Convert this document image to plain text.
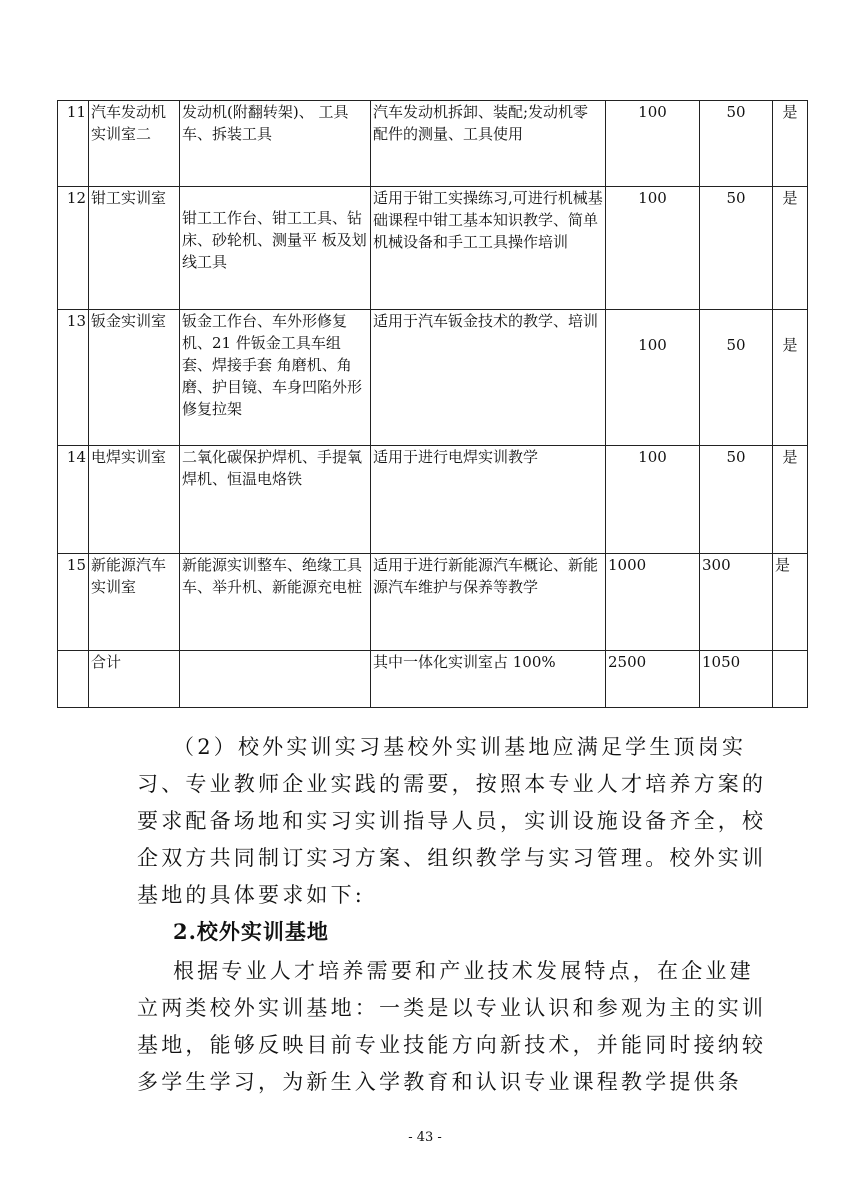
11	汽车发动机实训室二	发动机(附翻转架)、 工具车、拆装工具	汽车发动机拆卸、装配;发动机零配件的测量、工具使用	100	50	是
12	钳工实训室	钳工工作台、钳工工具、钻床、砂轮机、测量平 板及划线工具	适用于钳工实操练习,可进行机械基础课程中钳工基本知识教学、简单机械设备和手工工具操作培训	100	50	是
13	钣金实训室	钣金工作台、车外形修复机、21 件钣金工具车组套、焊接手套 角磨机、角磨、护目镜、车身凹陷外形修复拉架	适用于汽车钣金技术的教学、培训	100	50	是

14	电焊实训室	二氧化碳保护焊机、手提氧焊机、恒温电烙铁	适用于进行电焊实训教学	100	50	是
15	新能源汽车实训室	新能源实训整车、绝缘工具车、举升机、新能源充电桩	适用于进行新能源汽车概论、新能源汽车维护与保养等教学	1000	300	是
	合计		其中一体化实训室占 100%	2500	1050	
（2）校外实训实习基校外实训基地应满足学生顶岗实
习、专业教师企业实践的需要，按照本专业人才培养方案的
要求配备场地和实习实训指导人员，实训设施设备齐全，校
企双方共同制订实习方案、组织教学与实习管理。校外实训
基地的具体要求如下:
2.校外实训基地
根据专业人才培养需要和产业技术发展特点，在企业建
立两类校外实训基地：一类是以专业认识和参观为主的实训
基地，能够反映目前专业技能方向新技术，并能同时接纳较
多学生学习，为新生入学教育和认识专业课程教学提供条
- 43 -
